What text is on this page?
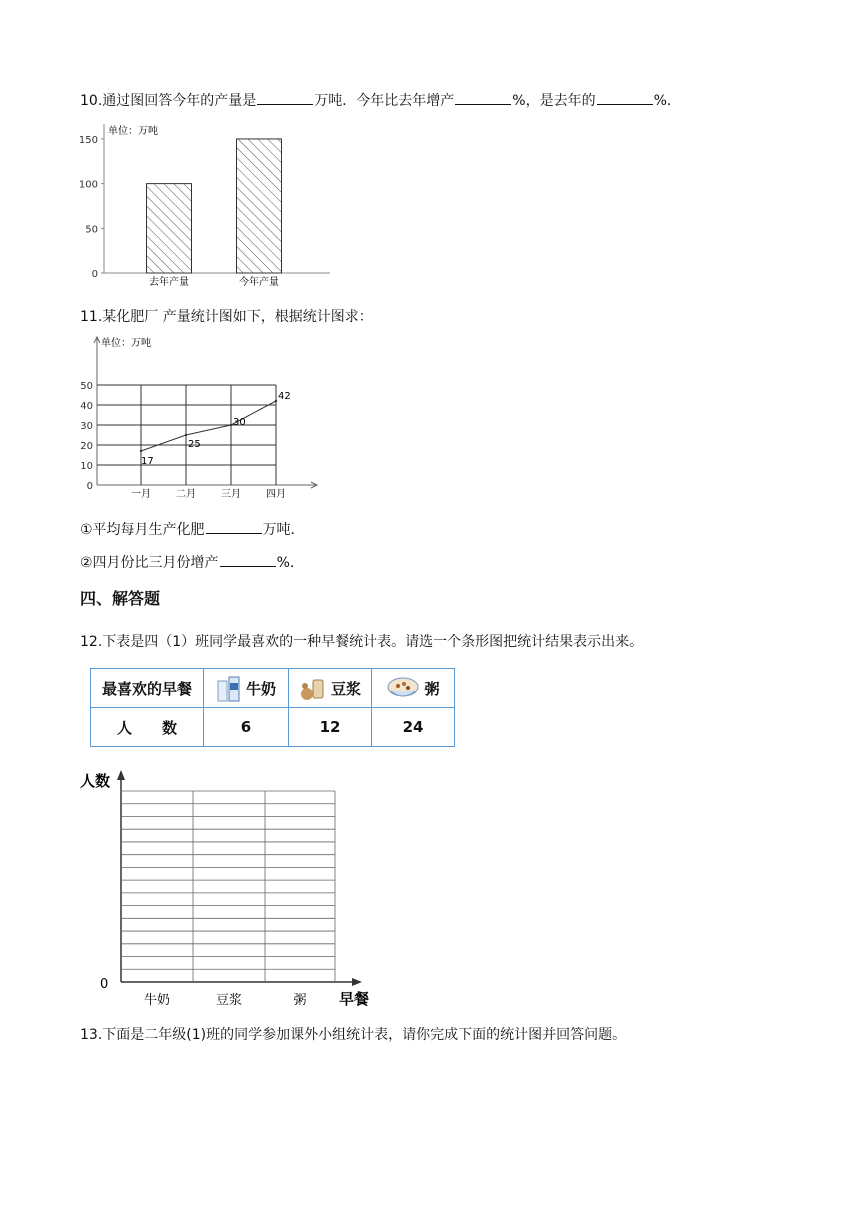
10.通过图回答今年的产量是	万吨．今年比去年增产	%，是去年的	%．
单位：万吨
0
50
100
150
去年产量	今年产量
11.某化肥厂 产量统计图如下，根据统计图求：
单位：万吨
0
10
20
30
40
50
17
一月
25
二月
30
三月
42
四月
①平均每月生产化肥	万吨．
②四月份比三月份增产	%．
四、解答题
12.下表是四（1）班同学最喜欢的一种早餐统计表。请选一个条形图把统计结果表示出来。
最喜欢的早餐	牛奶	豆浆	粥

人　　数	6	12	24
人数
0
早餐
牛奶	豆浆	粥
13.下面是二年级(1)班的同学参加课外小组统计表，请你完成下面的统计图并回答问题。
